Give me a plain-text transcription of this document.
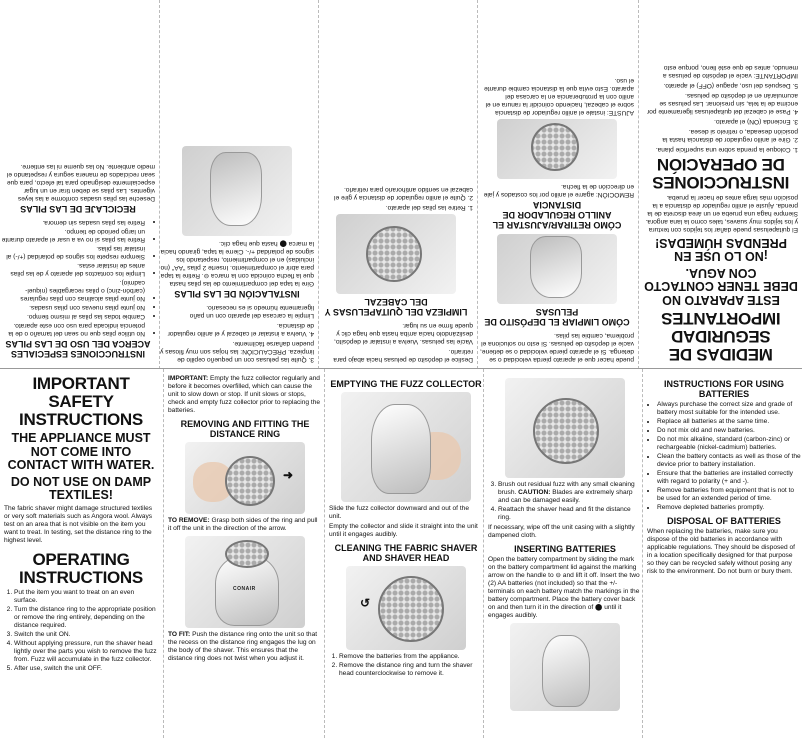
MEDIDAS DE SEGURIDAD IMPORTANTES
ESTE APARATO NO DEBE TENER CONTACTO CON AGUA.
¡NO LO USE EN PRENDAS HÚMEDAS!

El quitapelusas puede dañar los tejidos con textura y los tejidos muy suaves, tales como la lana angora. Siempre haga una prueba en un área discreta de la prenda. Ajuste el anillo regulador de distancia a la posición más larga antes de hacer la prueba.

INSTRUCCIONES DE OPERACIÓN

1. Coloque la prenda sobre una superficie plana.

2. Gire el anillo regulador de distancia hasta la posición deseada, o retírelo si desea.

3. Encienda (ON) el aparato.

4. Pase el cabezal del quitapelusas ligeramente por encima de la tela, sin presionar. Las pelusas se acumularán en el depósito de pelusas.

5. Después del uso, apague (OFF) el aparato.

IMPORTANTE: vacíe el depósito de pelusas a menudo, antes de que esté lleno, porque esto

puede hacer que el aparato pierda velocidad o se detenga. Si el aparato pierde velocidad o se detiene, vacíe el depósito de pelusas. Si esto no soluciona el problema, cambie las pilas.

CÓMO LIMPIAR EL DEPÓSITO DE PELUSAS
CÓMO RETIRAR/AJUSTAR EL ANILLO REGULADOR DE DISTANCIA

REMOCIÓN: agarre el anillo por los costados y jale en dirección de la flecha.

AJUSTE: instale el anillo regulador de distancia sobre el cabezal, haciendo coincidir la ranura en el anillo con la protuberancia en la carcasa del aparato. Esto evita que la distancia cambie durante el uso.

Deslice el depósito de pelusas hacia abajo para retirarlo.

Vacíe las pelusas. Vuelva a instalar el depósito, deslizándolo hacia arriba hasta que haga clic y quede firme en su lugar.

LIMPIEZA DEL QUITAPELUSAS Y DEL CABEZAL

1. Retire las pilas del aparato.

2. Quite el anillo regulador de distancia y gire el cabezal en sentido antihorario para retirarlo.

3. Quite las pelusas con un pequeño cepillo de limpieza. PRECAUCIÓN: las hojas son muy filosas y pueden dañarse fácilmente.

4. Vuelva a instalar el cabezal y el anillo regulador de distancia.

Limpie la carcasa del aparato con un paño ligeramente húmedo si es necesario.

INSTALACIÓN DE LAS PILAS

Gire la tapa del compartimiento de las pilas hasta que la flecha coincida con la marca ⊖. Retire la tapa para abrir el compartimiento. Inserte 2 pilas "AA" (no incluidas) en el compartimiento, respetando los signos de polaridad +/-. Cierre la tapa, girando hacia la marca ⬤ hasta que haga clic.

INSTRUCCIONES ESPECIALES ACERCA DEL USO DE LAS PILAS
• No utilice pilas que no sean del tamaño o de la potencia indicada para uso con este aparato.
• Cambie todas las pilas al mismo tiempo.
• No junte pilas nuevas con pilas usadas.
• No junte pilas alcalinas con pilas regulares (carbón-zinc) o pilas recargables (níquel-cadmio).
• Limpie los contactos del aparato y de las pilas antes de instalar estas.
• Siempre respete los signos de polaridad (+/-) al instalar las pilas.
• Retire las pilas si no va a usar el aparato durante un largo periodo de tiempo.
• Retire las pilas usadas sin demora.
RECICLAJE DE LAS PILAS

Deseche las pilas usadas conforme a las leyes vigentes. Las pilas se deben tirar en un lugar especialmente designado para tal efecto, para que sean reciclados de manera segura y respetando el medio ambiente. No las queme ni las entierre.

IMPORTANT SAFETY INSTRUCTIONS
THE APPLIANCE MUST NOT COME INTO CONTACT WITH WATER.
DO NOT USE ON DAMP TEXTILES!

The fabric shaver might damage structured textiles or very soft materials such as Angora wool. Always test on an area that is not visible on the item you want to treat. In testing, set the distance ring to the highest level.

OPERATING INSTRUCTIONS
1. Put the item you want to treat on an even surface.
2. Turn the distance ring to the appropriate position or remove the ring entirely, depending on the distance required.
3. Switch the unit ON.
4. Without applying pressure, run the shaver head lightly over the parts you wish to remove the fuzz from. Fuzz will accumulate in the fuzz collector.
5. After use, switch the unit OFF.

IMPORTANT: Empty the fuzz collector regularly and before it becomes overfilled, which can cause the unit to slow down or stop. If unit slows or stops, check and empty fuzz collector prior to replacing the batteries.

REMOVING AND FITTING THE DISTANCE RING
➜

TO REMOVE: Grasp both sides of the ring and pull it off the unit in the direction of the arrow.

CONAIR

TO FIT: Push the distance ring onto the unit so that the recess on the distance ring engages the lug on the body of the shaver. This ensures that the distance ring does not twist when you adjust it.

EMPTYING THE FUZZ COLLECTOR

Slide the fuzz collector downward and out of the unit.

Empty the collector and slide it straight into the unit until it engages audibly.

CLEANING THE FABRIC SHAVER AND SHAVER HEAD
↺
1. Remove the batteries from the appliance.
2. Remove the distance ring and turn the shaver head counterclockwise to remove it.
3. Brush out residual fuzz with any small cleaning brush. CAUTION: Blades are extremely sharp and can be damaged easily.
4. Reattach the shaver head and fit the distance ring.

If necessary, wipe off the unit casing with a slightly dampened cloth.

INSERTING BATTERIES

Open the battery compartment by sliding the mark on the battery compartment lid against the marking arrow on the handle to ⊖ and lift it off. Insert the two (2) AA batteries (not included) so that the +/- terminals on each battery match the markings in the battery compartment. Place the battery cover back on and then turn it in the direction of ⬤ until it engages audibly.

INSTRUCTIONS FOR USING BATTERIES
• Always purchase the correct size and grade of battery most suitable for the intended use.
• Replace all batteries at the same time.
• Do not mix old and new batteries.
• Do not mix alkaline, standard (carbon-zinc) or rechargeable (nickel-cadmium) batteries.
• Clean the battery contacts as well as those of the device prior to battery installation.
• Ensure that the batteries are installed correctly with regard to polarity (+ and -).
• Remove batteries from equipment that is not to be used for an extended period of time.
• Remove depleted batteries promptly.
DISPOSAL OF BATTERIES

When replacing the batteries, make sure you dispose of the old batteries in accordance with applicable regulations. They should be disposed of in a location specifically designed for that purpose so they can be recycled safely without posing any risk to the environment. Do not burn or bury them.
